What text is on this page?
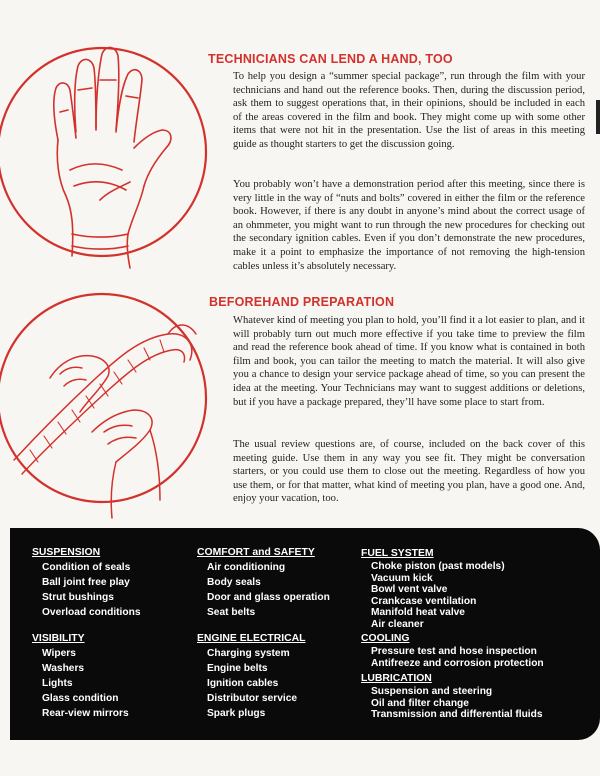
TECHNICIANS CAN LEND A HAND, TOO

To help you design a “summer special package”, run through the film with your technicians and hand out the reference books. Then, during the discussion period, ask them to suggest operations that, in their opinions, should be included in each of the areas covered in the film and book. They might come up with some other items that were not hit in the presentation. Use the list of areas in this meeting guide as thought starters to get the discussion going.

You probably won’t have a demonstration period after this meeting, since there is very little in the way of “nuts and bolts” covered in either the film or the reference book. However, if there is any doubt in anyone’s mind about the correct usage of an ohmmeter, you might want to run through the new procedures for checking out the secondary ignition cables. Even if you don’t demonstrate the new procedures, make it a point to emphasize the importance of not removing the high-tension cables unless it’s absolutely necessary.

BEFOREHAND PREPARATION

Whatever kind of meeting you plan to hold, you’ll find it a lot easier to plan, and it will probably turn out much more effective if you take time to preview the film and read the reference book ahead of time. If you know what is contained in both film and book, you can tailor the meeting to match the material. It will also give you a chance to design your service package ahead of time, so you can present the idea at the meeting. Your Technicians may want to suggest additions or deletions, but if you have a package prepared, they’ll have some place to start from.

The usual review questions are, of course, included on the back cover of this meeting guide. Use them in any way you see fit. They might be conversation starters, or you could use them to close out the meeting. Regardless of how you use them, or for that matter, what kind of meeting you plan, have a good one. And, enjoy your vacation, too.

SUSPENSION
Condition of seals
Ball joint free play
Strut bushings
Overload conditions
VISIBILITY
Wipers
Washers
Lights
Glass condition
Rear-view mirrors
COMFORT and SAFETY
Air conditioning
Body seals
Door and glass operation
Seat belts
ENGINE ELECTRICAL
Charging system
Engine belts
Ignition cables
Distributor service
Spark plugs
FUEL SYSTEM
Choke piston (past models)
Vacuum kick
Bowl vent valve
Crankcase ventilation
Manifold heat valve
Air cleaner
COOLING
Pressure test and hose inspection
Antifreeze and corrosion protection
LUBRICATION
Suspension and steering
Oil and filter change
Transmission and differential fluids
